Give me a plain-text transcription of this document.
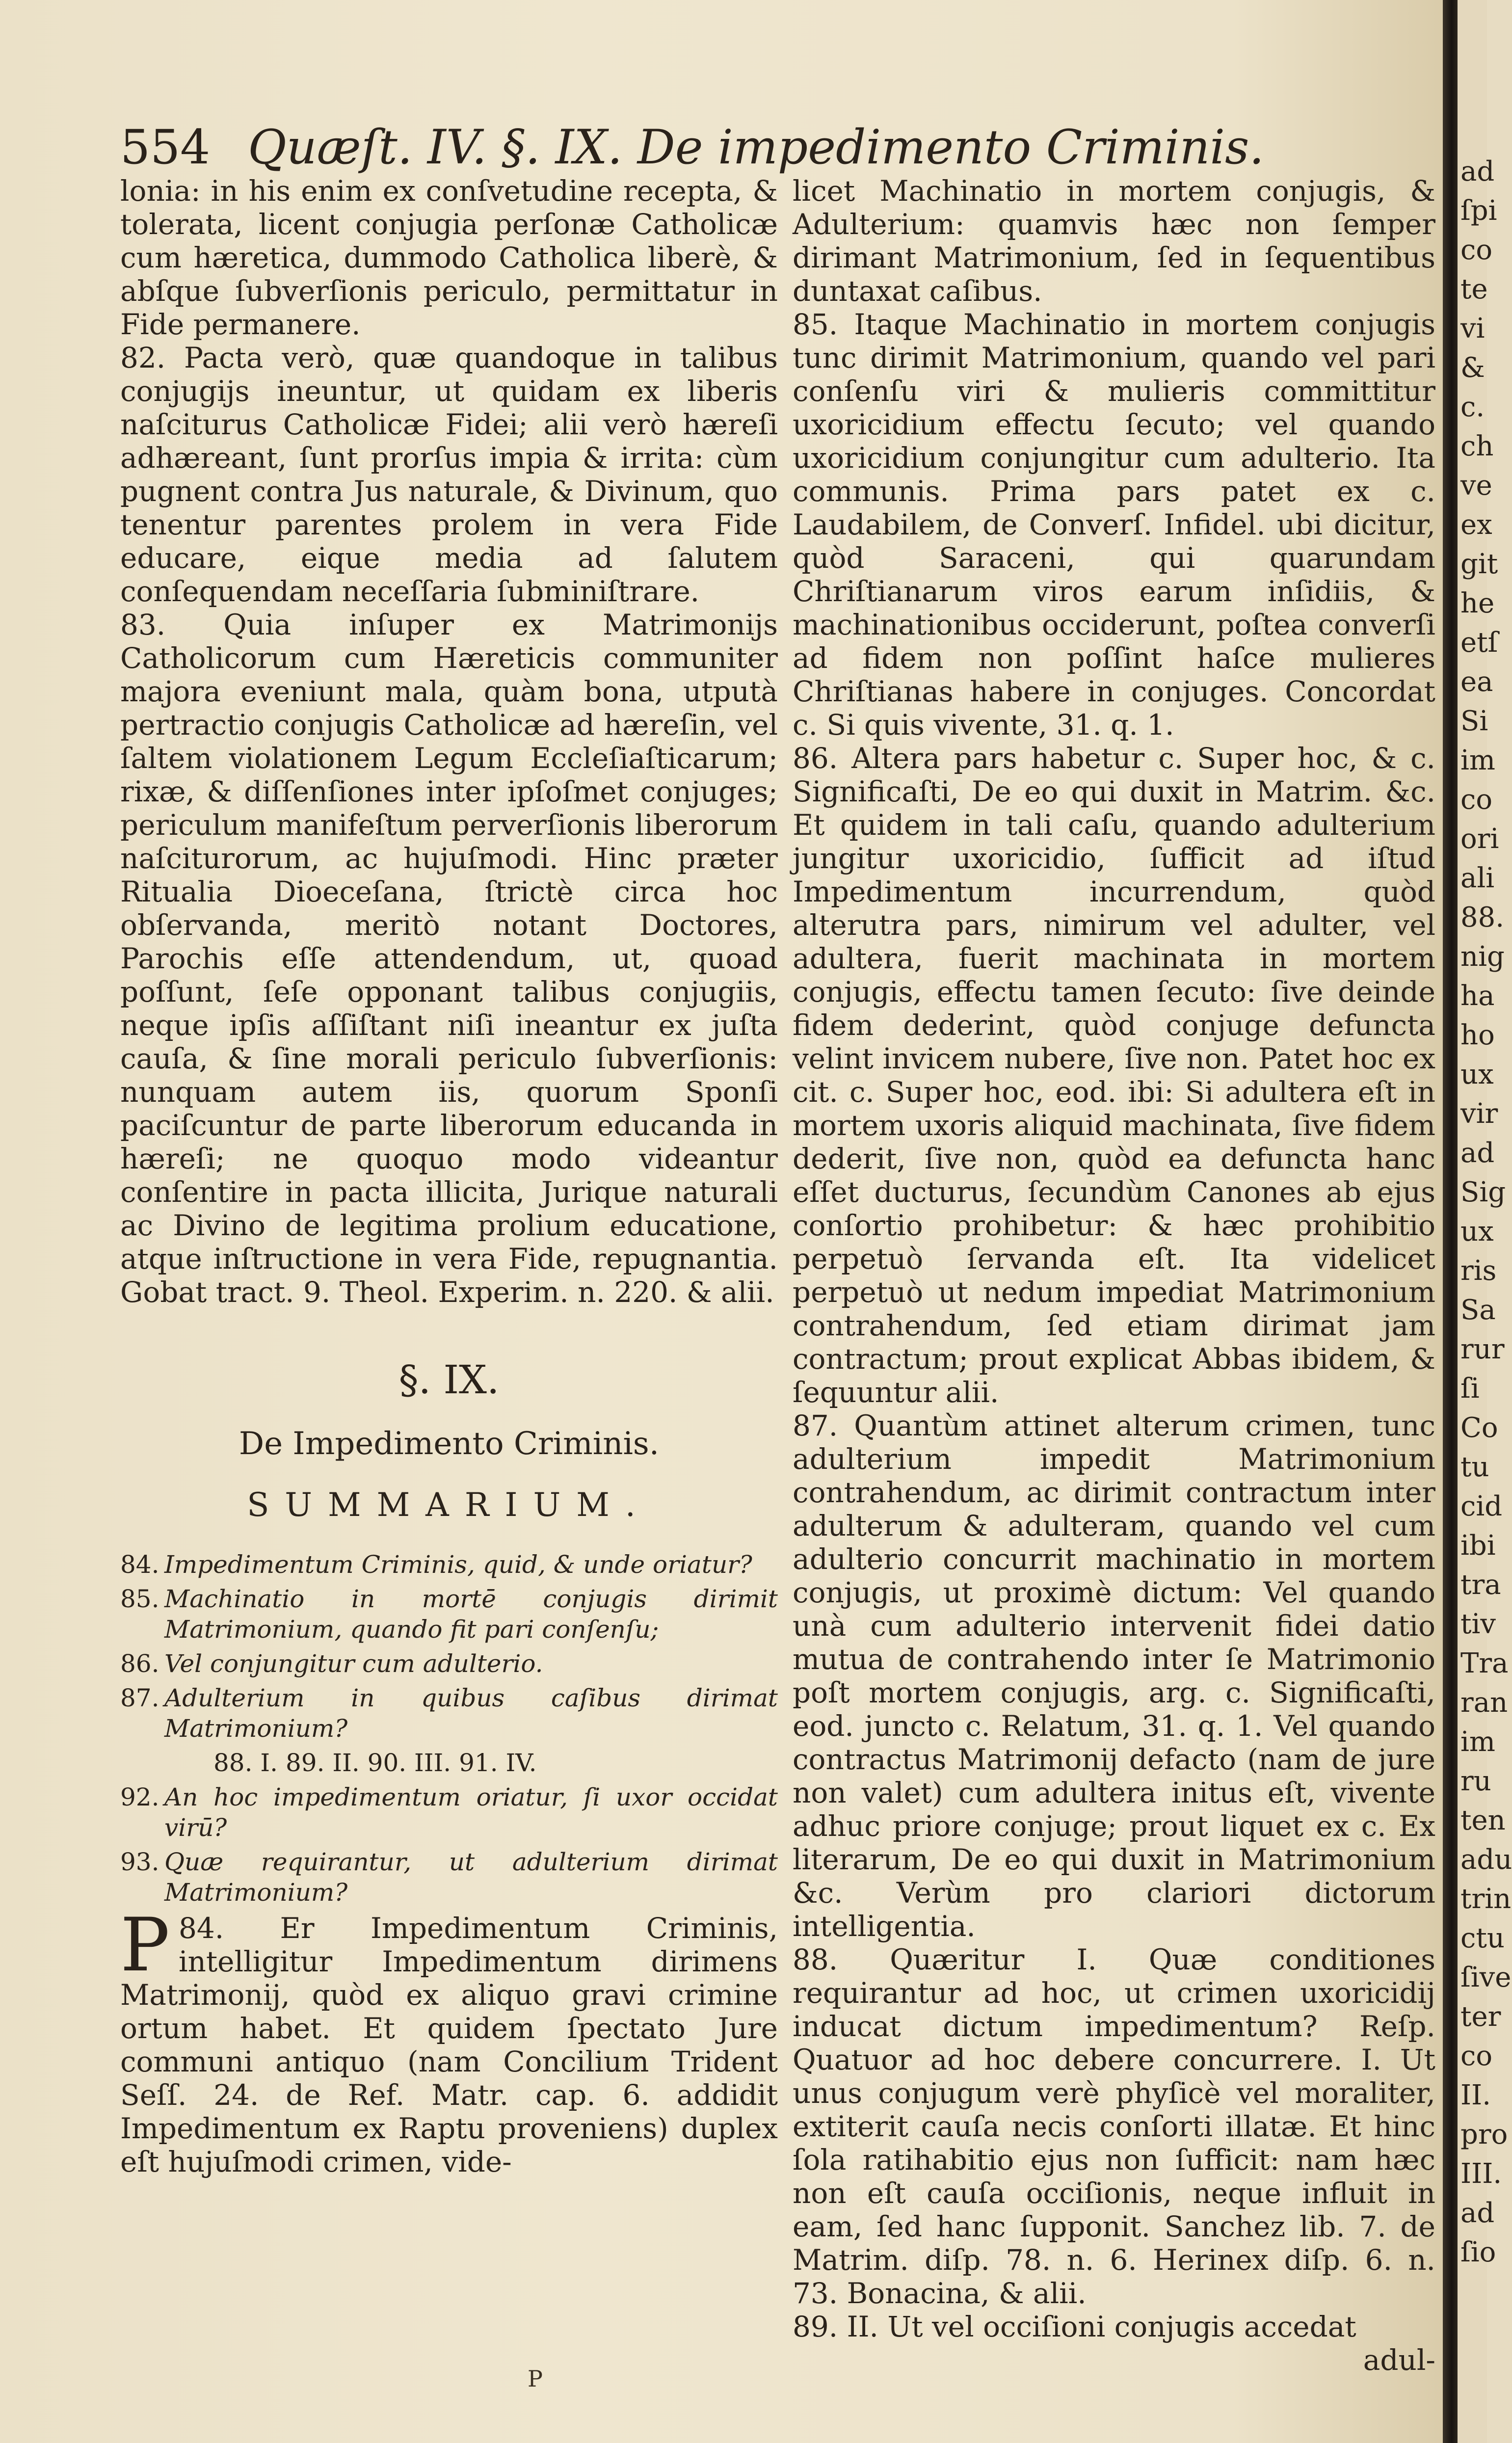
554 Quæſt. IV. §. IX. De impedimento Criminis.

lonia: in his enim ex conſvetudine recepta, & tolerata, licent conjugia perſonæ Catholicæ cum hæretica, dummodo Catholica liberè, & abſque ſubverſionis periculo, permittatur in Fide permanere.

82. Pacta verò, quæ quandoque in talibus conjugijs ineuntur, ut quidam ex liberis naſciturus Catholicæ Fidei; alii verò hæreſi adhæreant, ſunt prorſus impia & irrita: cùm pugnent contra Jus naturale, & Divinum, quo tenentur parentes prolem in vera Fide educare, eique media ad ſalutem conſequendam neceſſaria ſubminiſtrare.

83. Quia inſuper ex Matrimonijs Catholicorum cum Hæreticis communiter majora eveniunt mala, quàm bona, utputà pertractio conjugis Catholicæ ad hæreſin, vel ſaltem violationem Legum Eccleſiaſticarum; rixæ, & diſſenſiones inter ipſoſmet conjuges; periculum manifeſtum perverſionis liberorum naſciturorum, ac hujuſmodi. Hinc præter Ritualia Dioeceſana, ſtrictè circa hoc obſervanda, meritò notant Doctores, Parochis eſſe attendendum, ut, quoad poſſunt, ſeſe opponant talibus conjugiis, neque ipſis aſſiſtant niſi ineantur ex juſta cauſa, & ſine morali periculo ſubverſionis: nunquam autem iis, quorum Sponſi paciſcuntur de parte liberorum educanda in hæreſi; ne quoquo modo videantur conſentire in pacta illicita, Jurique naturali ac Divino de legitima prolium educatione, atque inſtructione in vera Fide, repugnantia. Gobat tract. 9. Theol. Experim. n. 220. & alii.

§. IX.
De Impedimento Criminis.
SUMMARIUM.
84. Impedimentum Criminis, quid, & unde oriatur?
85. Machinatio in mortē conjugis dirimit Matrimonium, quando fit pari conſenſu;
86. Vel conjungitur cum adulterio.
87. Adulterium in quibus caſibus dirimat Matrimonium?
88. I. 89. II. 90. III. 91. IV.
92. An hoc impedimentum oriatur, ſi uxor occidat virū?
93. Quæ requirantur, ut adulterium dirimat Matrimonium?

84.
P	Er Impedimentum Criminis, intelligitur Impedimentum dirimens Matrimonij, quòd ex aliquo gravi crimine ortum habet. Et quidem ſpectato Jure communi antiquo (nam Concilium Trident Seſſ. 24. de Ref. Matr. cap. 6. addidit Impedimentum ex Raptu proveniens) duplex eſt hujuſmodi crimen, vide-

licet Machinatio in mortem conjugis, & Adulterium: quamvis hæc non ſemper dirimant Matrimonium, ſed in ſequentibus duntaxat caſibus.

85. Itaque Machinatio in mortem conjugis tunc dirimit Matrimonium, quando vel pari conſenſu viri & mulieris committitur uxoricidium effectu ſecuto; vel quando uxoricidium conjungitur cum adulterio. Ita communis. Prima pars patet ex c. Laudabilem, de Converſ. Infidel. ubi dicitur, quòd Saraceni, qui quarundam Chriſtianarum viros earum inſidiis, & machinationibus occiderunt, poſtea converſi ad fidem non poſſint haſce mulieres Chriſtianas habere in conjuges. Concordat c. Si quis vivente, 31. q. 1.

86. Altera pars habetur c. Super hoc, & c. Significaſti, De eo qui duxit in Matrim. &c. Et quidem in tali caſu, quando adulterium jungitur uxoricidio, ſufficit ad iſtud Impedimentum incurrendum, quòd alterutra pars, nimirum vel adulter, vel adultera, fuerit machinata in mortem conjugis, effectu tamen ſecuto: ſive deinde fidem dederint, quòd conjuge defuncta velint invicem nubere, ſive non. Patet hoc ex cit. c. Super hoc, eod. ibi: Si adultera eſt in mortem uxoris aliquid machinata, ſive fidem dederit, ſive non, quòd ea defuncta hanc eſſet ducturus, ſecundùm Canones ab ejus conſortio prohibetur: & hæc prohibitio perpetuò ſervanda eſt. Ita videlicet perpetuò ut nedum impediat Matrimonium contrahendum, ſed etiam dirimat jam contractum; prout explicat Abbas ibidem, & ſequuntur alii.

87. Quantùm attinet alterum crimen, tunc adulterium impedit Matrimonium contrahendum, ac dirimit contractum inter adulterum & adulteram, quando vel cum adulterio concurrit machinatio in mortem conjugis, ut proximè dictum: Vel quando unà cum adulterio intervenit fidei datio mutua de contrahendo inter ſe Matrimonio poſt mortem conjugis, arg. c. Significaſti, eod. juncto c. Relatum, 31. q. 1. Vel quando contractus Matrimonij defacto (nam de jure non valet) cum adultera initus eſt, vivente adhuc priore conjuge; prout liquet ex c. Ex literarum, De eo qui duxit in Matrimonium &c. Verùm pro clariori dictorum intelligentia.

88. Quæritur I. Quæ conditiones requirantur ad hoc, ut crimen uxoricidij inducat dictum impedimentum? Reſp. Quatuor ad hoc debere concurrere. I. Ut unus conjugum verè phyſicè vel moraliter, extiterit cauſa necis conſorti illatæ. Et hinc ſola ratihabitio ejus non ſufficit: nam hæc non eſt cauſa occiſionis, neque influit in eam, ſed hanc ſupponit. Sanchez lib. 7. de Matrim. diſp. 78. n. 6. Herinex diſp. 6. n. 73. Bonacina, & alii.

89. II. Ut vel occiſioni conjugis accedat

adul-
P
ad
ſpi
co
te
vi
&
c.
ch
ve
ex
git
he
etſ
ea
Si
im
co
ori
ali
88.
nig
ha
ho
ux
vir
ad
Sig
ux
ris
Sa
rur
ſi
Co
tu
cid
ibi
tra
tiv
Tra
ran
im
ru
ten
adu
trin
ctu
ſive
ter
co
II.
pro
III.
ad
ſio
